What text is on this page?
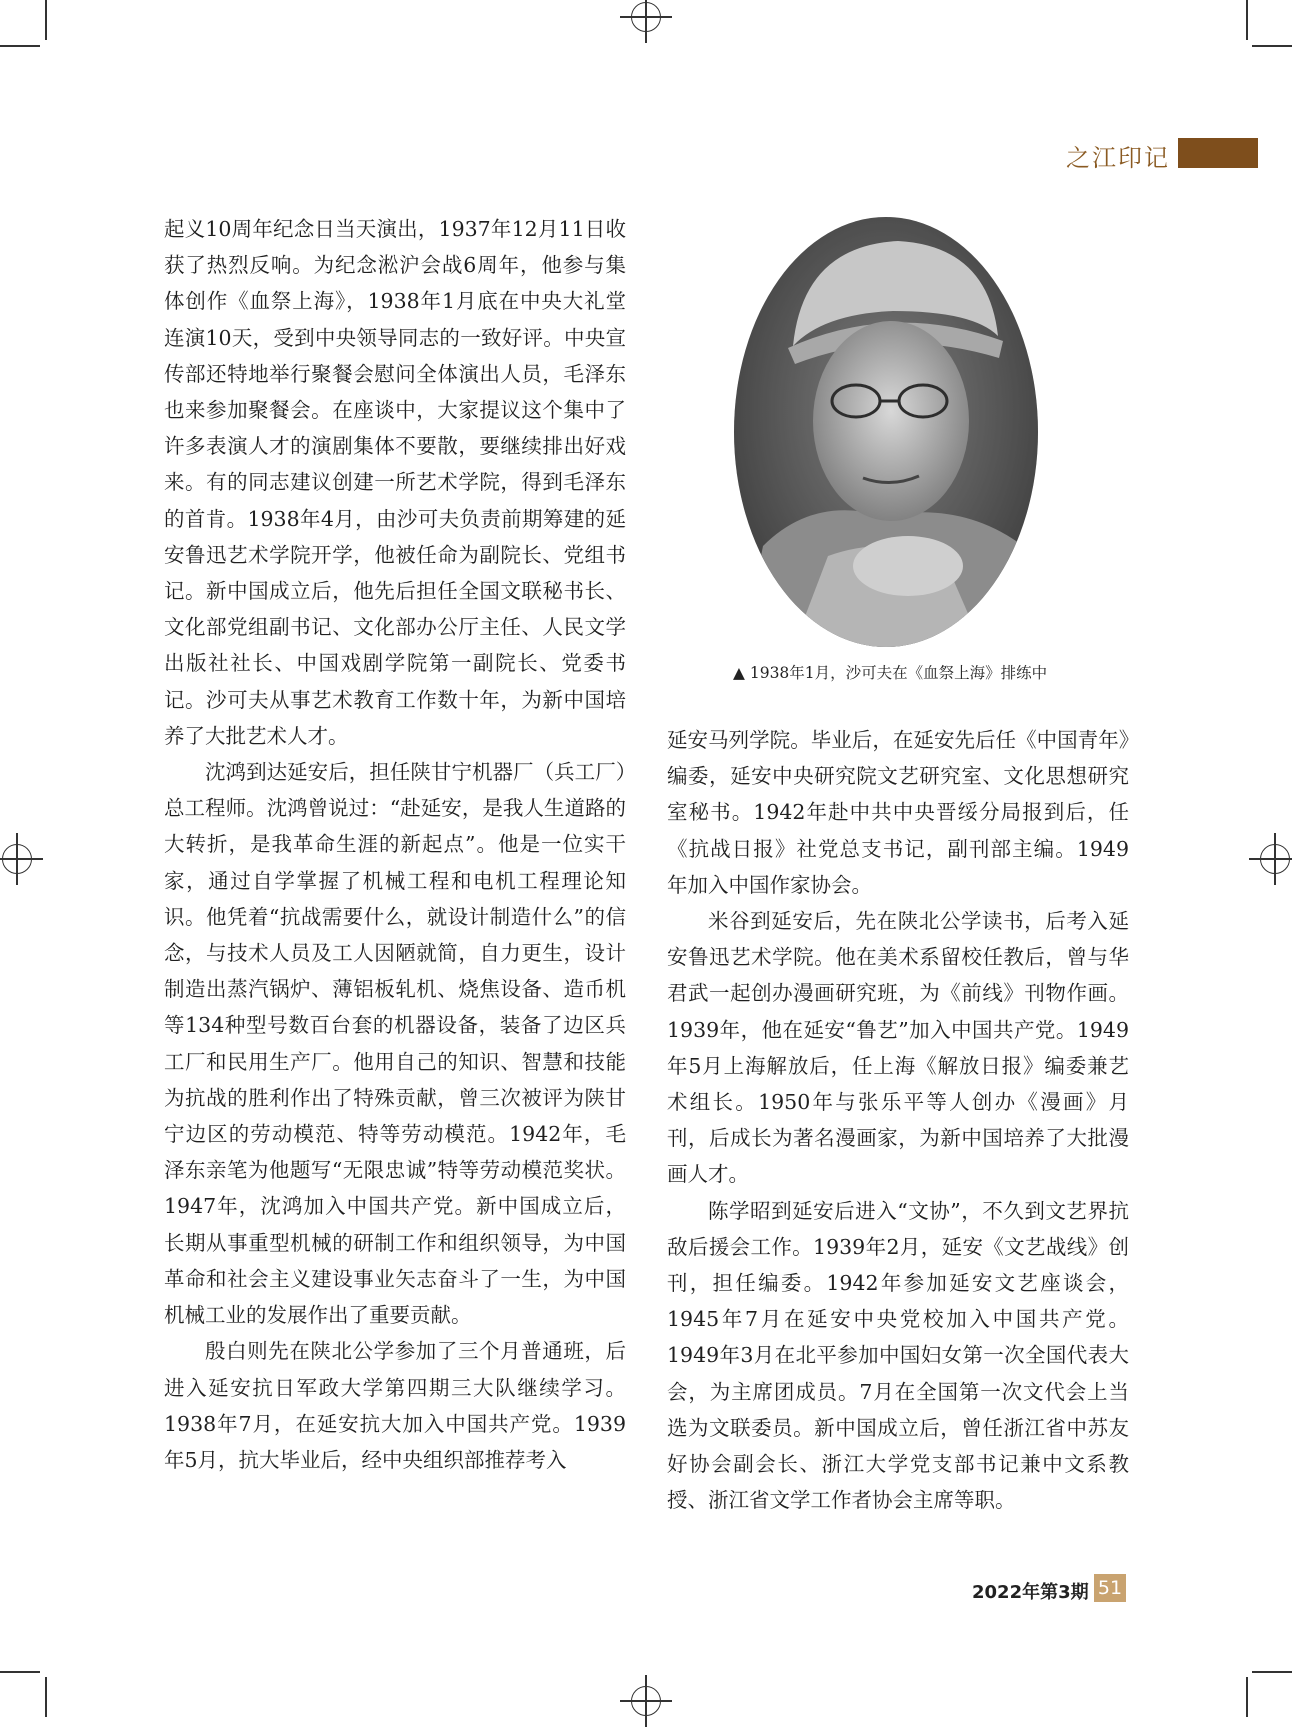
之江印记

起义10周年纪念日当天演出，1937年12月11日收获了热烈反响。为纪念淞沪会战6周年，他参与集体创作《血祭上海》，1938年1月底在中央大礼堂连演10天，受到中央领导同志的一致好评。中央宣传部还特地举行聚餐会慰问全体演出人员，毛泽东也来参加聚餐会。在座谈中，大家提议这个集中了许多表演人才的演剧集体不要散，要继续排出好戏来。有的同志建议创建一所艺术学院，得到毛泽东的首肯。1938年4月，由沙可夫负责前期筹建的延安鲁迅艺术学院开学，他被任命为副院长、党组书记。新中国成立后，他先后担任全国文联秘书长、文化部党组副书记、文化部办公厅主任、人民文学出版社社长、中国戏剧学院第一副院长、党委书记。沙可夫从事艺术教育工作数十年，为新中国培养了大批艺术人才。

沈鸿到达延安后，担任陕甘宁机器厂（兵工厂）总工程师。沈鸿曾说过：“赴延安，是我人生道路的大转折，是我革命生涯的新起点”。他是一位实干家，通过自学掌握了机械工程和电机工程理论知识。他凭着“抗战需要什么，就设计制造什么”的信念，与技术人员及工人因陋就简，自力更生，设计制造出蒸汽锅炉、薄铝板轧机、烧焦设备、造币机等134种型号数百台套的机器设备，装备了边区兵工厂和民用生产厂。他用自己的知识、智慧和技能为抗战的胜利作出了特殊贡献，曾三次被评为陕甘宁边区的劳动模范、特等劳动模范。1942年，毛泽东亲笔为他题写“无限忠诚”特等劳动模范奖状。1947年，沈鸿加入中国共产党。新中国成立后，长期从事重型机械的研制工作和组织领导，为中国革命和社会主义建设事业矢志奋斗了一生，为中国机械工业的发展作出了重要贡献。

殷白则先在陕北公学参加了三个月普通班，后进入延安抗日军政大学第四期三大队继续学习。1938年7月，在延安抗大加入中国共产党。1939年5月，抗大毕业后，经中央组织部推荐考入

▲ 1938年1月，沙可夫在《血祭上海》排练中

延安马列学院。毕业后，在延安先后任《中国青年》编委，延安中央研究院文艺研究室、文化思想研究室秘书。1942年赴中共中央晋绥分局报到后，任《抗战日报》社党总支书记，副刊部主编。1949年加入中国作家协会。

米谷到延安后，先在陕北公学读书，后考入延安鲁迅艺术学院。他在美术系留校任教后，曾与华君武一起创办漫画研究班，为《前线》刊物作画。1939年，他在延安“鲁艺”加入中国共产党。1949年5月上海解放后，任上海《解放日报》编委兼艺术组长。1950年与张乐平等人创办《漫画》月刊，后成长为著名漫画家，为新中国培养了大批漫画人才。

陈学昭到延安后进入“文协”，不久到文艺界抗敌后援会工作。1939年2月，延安《文艺战线》创刊，担任编委。1942年参加延安文艺座谈会，1945年7月在延安中央党校加入中国共产党。1949年3月在北平参加中国妇女第一次全国代表大会，为主席团成员。7月在全国第一次文代会上当选为文联委员。新中国成立后，曾任浙江省中苏友好协会副会长、浙江大学党支部书记兼中文系教授、浙江省文学工作者协会主席等职。

2022年第3期 51
